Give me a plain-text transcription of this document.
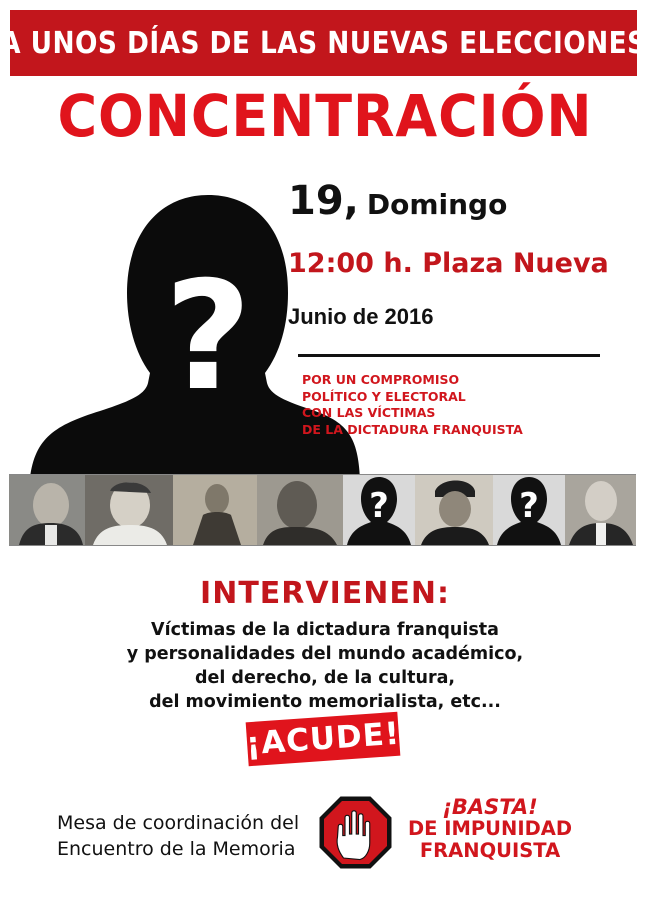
A UNOS DÍAS DE LAS NUEVAS ELECCIONES
CONCENTRACIÓN
?
19, Domingo
12:00 h. Plaza Nueva
Junio de 2016
POR UN COMPROMISO
POLÍTICO Y ELECTORAL
CON LAS VÍCTIMAS
DE LA DICTADURA FRANQUISTA
?	?
INTERVIENEN:
Víctimas de la dictadura franquista
y personalidades del mundo académico,
del derecho, de la cultura,
del movimiento memorialista, etc...
¡ACUDE!
Mesa de coordinación del
Encuentro de la Memoria
¡BASTA!
DE IMPUNIDAD
FRANQUISTA
